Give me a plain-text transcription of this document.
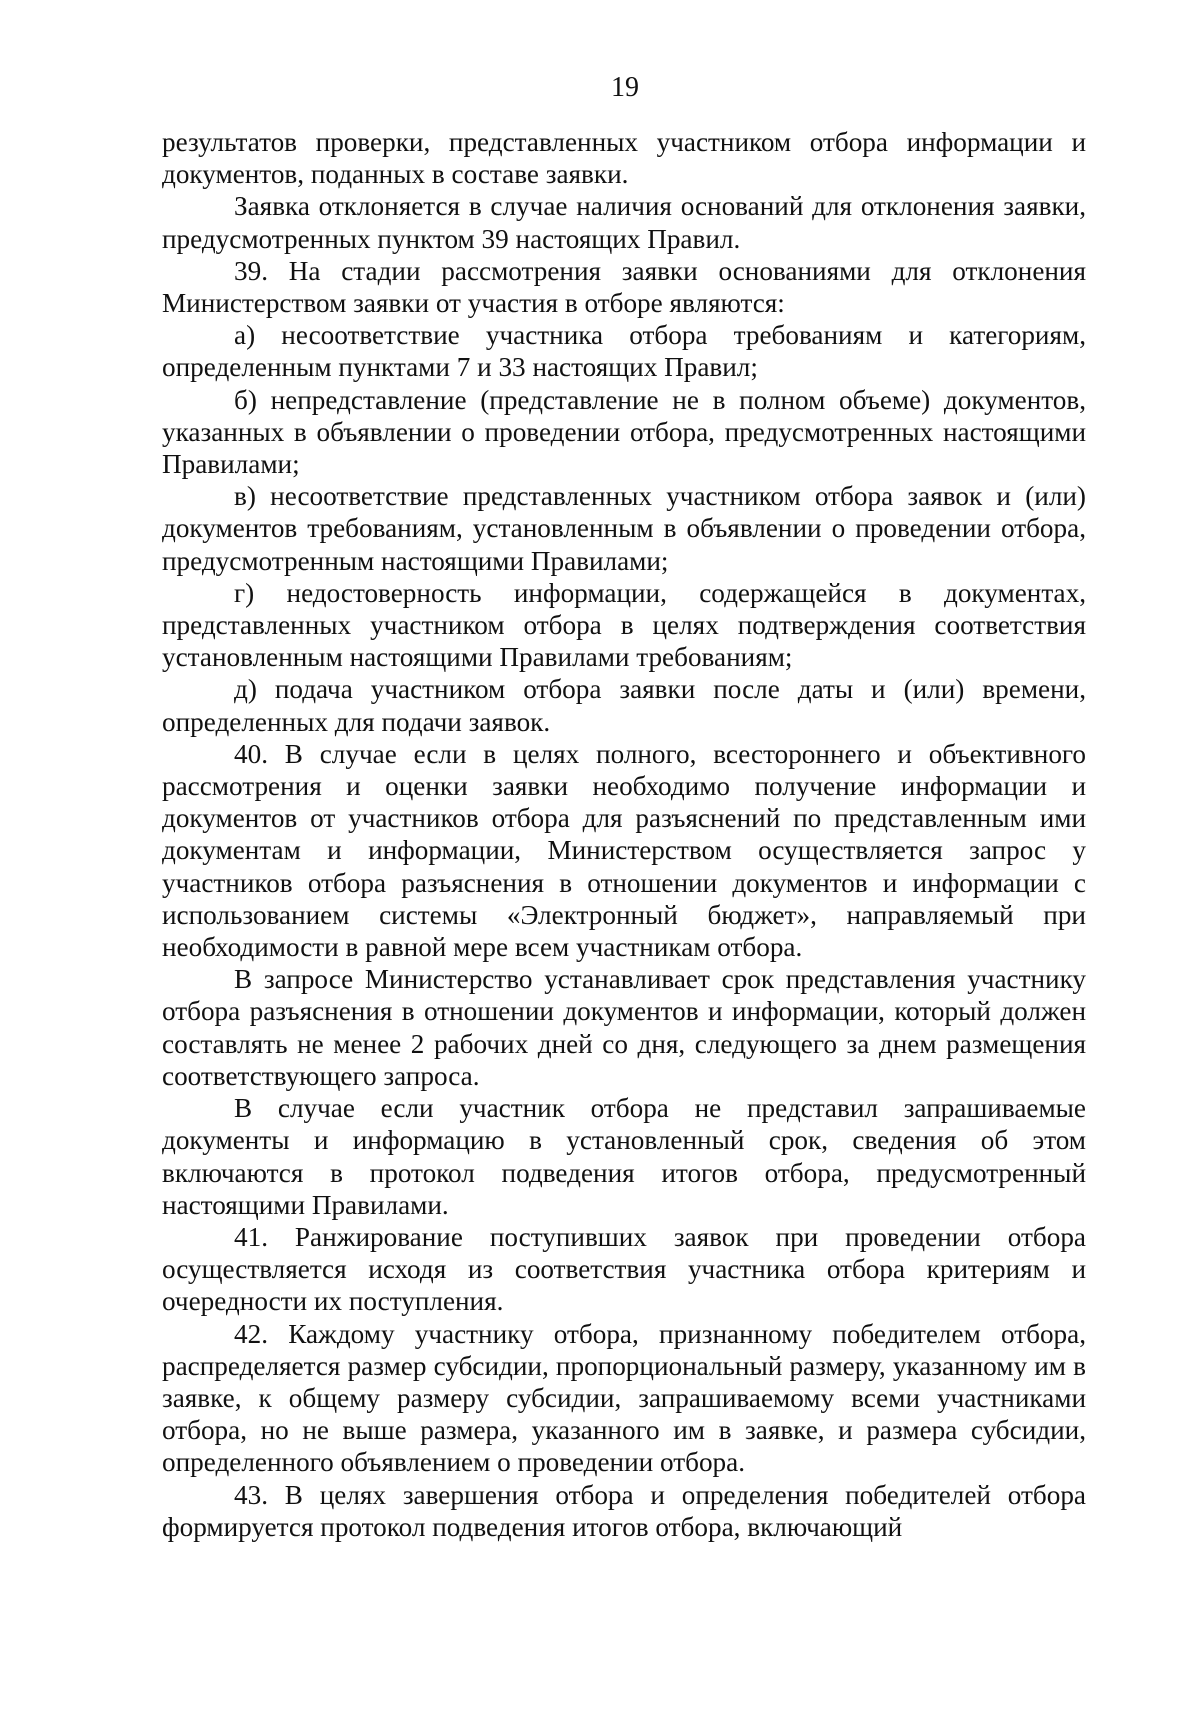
19

результатов проверки, представленных участником отбора информации и документов, поданных в составе заявки.

Заявка отклоняется в случае наличия оснований для отклонения заявки, предусмотренных пунктом 39 настоящих Правил.

39. На стадии рассмотрения заявки основаниями для отклонения Министерством заявки от участия в отборе являются:

а) несоответствие участника отбора требованиям и категориям, определенным пунктами 7 и 33 настоящих Правил;

б) непредставление (представление не в полном объеме) документов, указанных в объявлении о проведении отбора, предусмотренных настоящими Правилами;

в) несоответствие представленных участником отбора заявок и (или) документов требованиям, установленным в объявлении о проведении отбора, предусмотренным настоящими Правилами;

г) недостоверность информации, содержащейся в документах, представленных участником отбора в целях подтверждения соответствия установленным настоящими Правилами требованиям;

д) подача участником отбора заявки после даты и (или) времени, определенных для подачи заявок.

40. В случае если в целях полного, всестороннего и объективного рассмотрения и оценки заявки необходимо получение информации и документов от участников отбора для разъяснений по представленным ими документам и информации, Министерством осуществляется запрос у участников отбора разъяснения в отношении документов и информации с использованием системы «Электронный бюджет», направляемый при необходимости в равной мере всем участникам отбора.

В запросе Министерство устанавливает срок представления участнику отбора разъяснения в отношении документов и информации, который должен составлять не менее 2 рабочих дней со дня, следующего за днем размещения соответствующего запроса.

В случае если участник отбора не представил запрашиваемые документы и информацию в установленный срок, сведения об этом включаются в протокол подведения итогов отбора, предусмотренный настоящими Правилами.

41. Ранжирование поступивших заявок при проведении отбора осуществляется исходя из соответствия участника отбора критериям и очередности их поступления.

42. Каждому участнику отбора, признанному победителем отбора, распределяется размер субсидии, пропорциональный размеру, указанному им в заявке, к общему размеру субсидии, запрашиваемому всеми участниками отбора, но не выше размера, указанного им в заявке, и размера субсидии, определенного объявлением о проведении отбора.

43. В целях завершения отбора и определения победителей отбора формируется протокол подведения итогов отбора, включающий
